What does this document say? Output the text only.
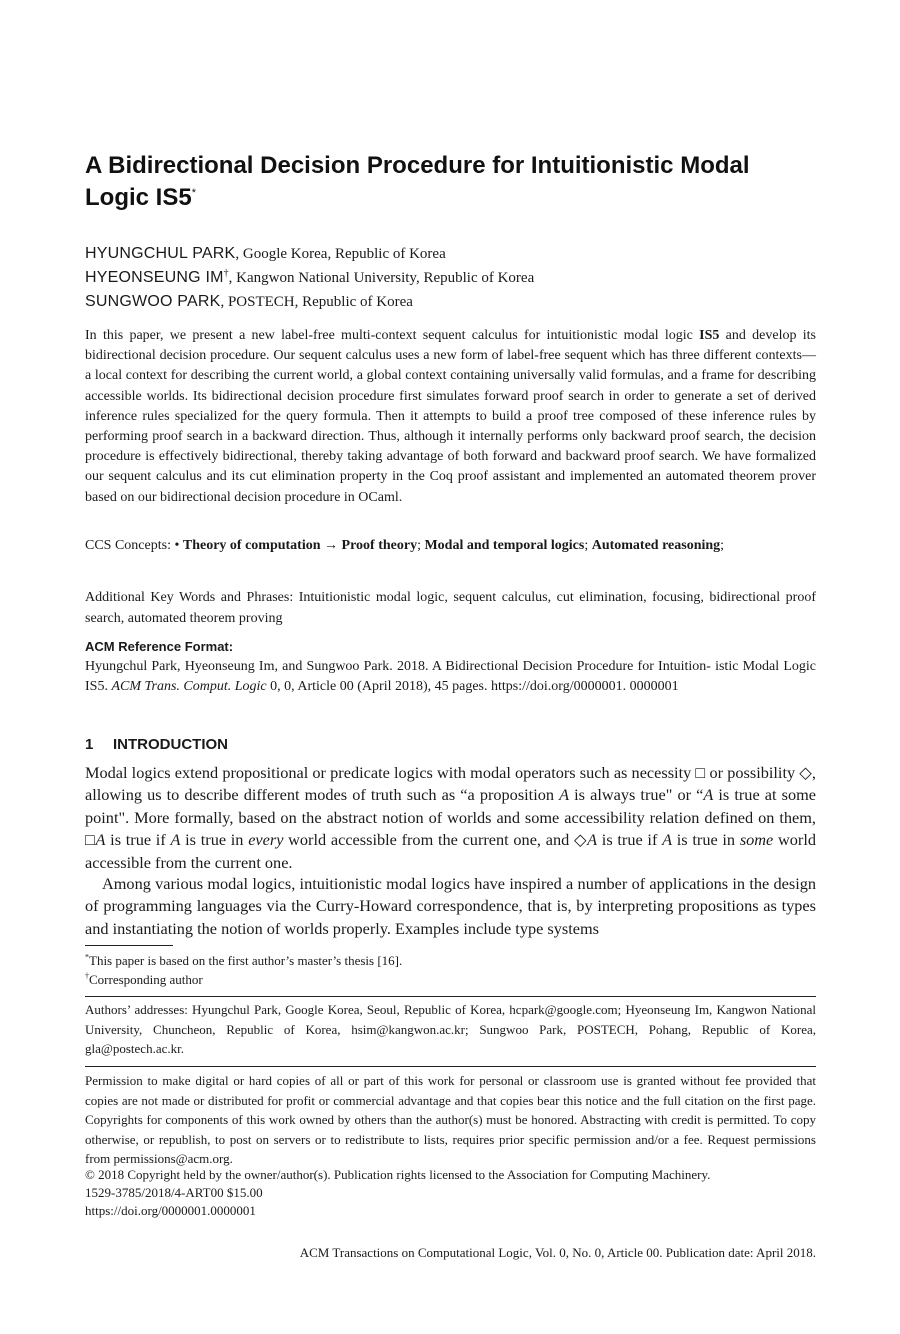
A Bidirectional Decision Procedure for Intuitionistic Modal Logic IS5*
HYUNGCHUL PARK, Google Korea, Republic of Korea
HYEONSEUNG IM†, Kangwon National University, Republic of Korea
SUNGWOO PARK, POSTECH, Republic of Korea

In this paper, we present a new label-free multi-context sequent calculus for intuitionistic modal logic IS5 and develop its bidirectional decision procedure. Our sequent calculus uses a new form of label-free sequent which has three different contexts—a local context for describing the current world, a global context containing universally valid formulas, and a frame for describing accessible worlds. Its bidirectional decision procedure first simulates forward proof search in order to generate a set of derived inference rules specialized for the query formula. Then it attempts to build a proof tree composed of these inference rules by performing proof search in a backward direction. Thus, although it internally performs only backward proof search, the decision procedure is effectively bidirectional, thereby taking advantage of both forward and backward proof search. We have formalized our sequent calculus and its cut elimination property in the Coq proof assistant and implemented an automated theorem prover based on our bidirectional decision procedure in OCaml.

CCS Concepts: • Theory of computation → Proof theory; Modal and temporal logics; Automated reasoning;

Additional Key Words and Phrases: Intuitionistic modal logic, sequent calculus, cut elimination, focusing, bidirectional proof search, automated theorem proving

ACM Reference Format:

Hyungchul Park, Hyeonseung Im, and Sungwoo Park. 2018. A Bidirectional Decision Procedure for Intuition- istic Modal Logic IS5. ACM Trans. Comput. Logic 0, 0, Article 00 (April 2018), 45 pages. https://doi.org/0000001. 0000001

1 INTRODUCTION

Modal logics extend propositional or predicate logics with modal operators such as necessity □ or possibility ◇, allowing us to describe different modes of truth such as “a proposition A is always true" or “A is true at some point". More formally, based on the abstract notion of worlds and some accessibility relation defined on them, □A is true if A is true in every world accessible from the current one, and ◇A is true if A is true in some world accessible from the current one.

Among various modal logics, intuitionistic modal logics have inspired a number of applications in the design of programming languages via the Curry-Howard correspondence, that is, by interpreting propositions as types and instantiating the notion of worlds properly. Examples include type systems

*This paper is based on the first author’s master’s thesis [16].
†Corresponding author

Authors’ addresses: Hyungchul Park, Google Korea, Seoul, Republic of Korea, hcpark@google.com; Hyeonseung Im, Kangwon National University, Chuncheon, Republic of Korea, hsim@kangwon.ac.kr; Sungwoo Park, POSTECH, Pohang, Republic of Korea, gla@postech.ac.kr.

Permission to make digital or hard copies of all or part of this work for personal or classroom use is granted without fee provided that copies are not made or distributed for profit or commercial advantage and that copies bear this notice and the full citation on the first page. Copyrights for components of this work owned by others than the author(s) must be honored. Abstracting with credit is permitted. To copy otherwise, or republish, to post on servers or to redistribute to lists, requires prior specific permission and/or a fee. Request permissions from permissions@acm.org.

© 2018 Copyright held by the owner/author(s). Publication rights licensed to the Association for Computing Machinery.
1529-3785/2018/4-ART00 $15.00
https://doi.org/0000001.0000001
ACM Transactions on Computational Logic, Vol. 0, No. 0, Article 00. Publication date: April 2018.
